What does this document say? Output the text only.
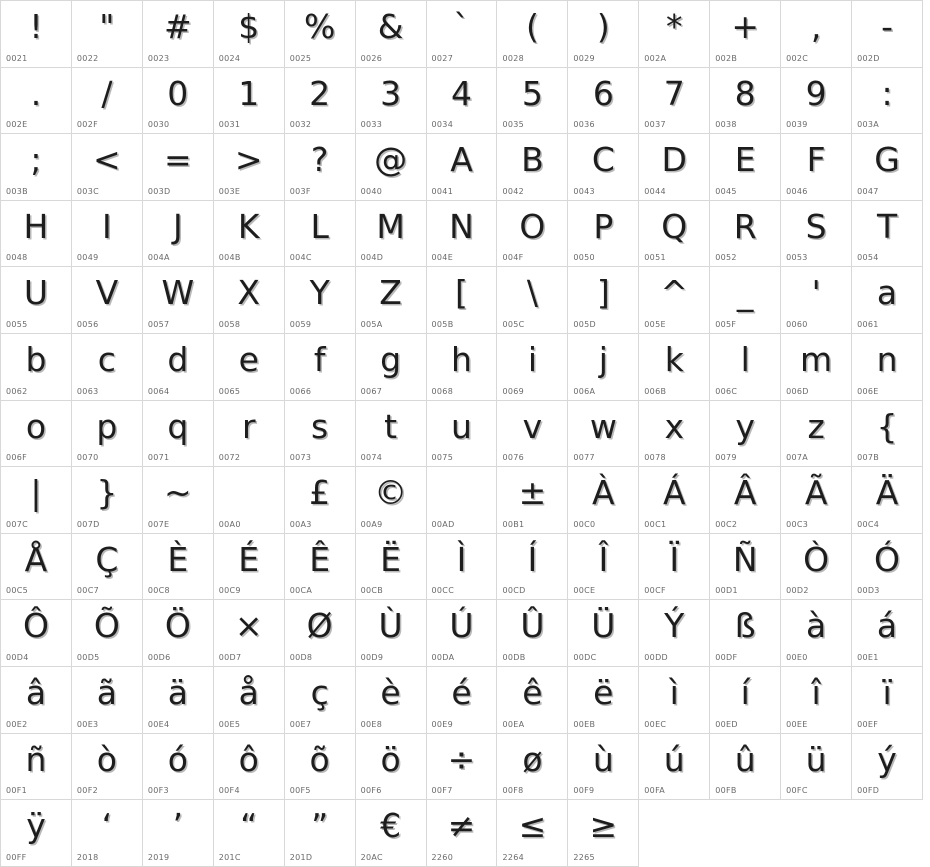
!
0021
"
0022
#
0023
$
0024
%
0025
&
0026
`
0027
(
0028
)
0029
*
002A
+
002B
,
002C
-
002D
.
002E
/
002F
0
0030
1
0031
2
0032
3
0033
4
0034
5
0035
6
0036
7
0037
8
0038
9
0039
:
003A
;
003B
<
003C
=
003D
>
003E
?
003F
@
0040
A
0041
B
0042
C
0043
D
0044
E
0045
F
0046
G
0047
H
0048
I
0049
J
004A
K
004B
L
004C
M
004D
N
004E
O
004F
P
0050
Q
0051
R
0052
S
0053
T
0054
U
0055
V
0056
W
0057
X
0058
Y
0059
Z
005A
[
005B
\
005C
]
005D
^
005E
_
005F
'
0060
a
0061
b
0062
c
0063
d
0064
e
0065
f
0066
g
0067
h
0068
i
0069
j
006A
k
006B
l
006C
m
006D
n
006E
o
006F
p
0070
q
0071
r
0072
s
0073
t
0074
u
0075
v
0076
w
0077
x
0078
y
0079
z
007A
{
007B
|
007C
}
007D
~
007E	00A0
£
00A3
©
00A9	00AD
±
00B1
À
00C0
Á
00C1
Â
00C2
Ã
00C3
Ä
00C4
Å
00C5
Ç
00C7
È
00C8
É
00C9
Ê
00CA
Ë
00CB
Ì
00CC
Í
00CD
Î
00CE
Ï
00CF
Ñ
00D1
Ò
00D2
Ó
00D3
Ô
00D4
Õ
00D5
Ö
00D6
×
00D7
Ø
00D8
Ù
00D9
Ú
00DA
Û
00DB
Ü
00DC
Ý
00DD
ß
00DF
à
00E0
á
00E1
â
00E2
ã
00E3
ä
00E4
å
00E5
ç
00E7
è
00E8
é
00E9
ê
00EA
ë
00EB
ì
00EC
í
00ED
î
00EE
ï
00EF
ñ
00F1
ò
00F2
ó
00F3
ô
00F4
õ
00F5
ö
00F6
÷
00F7
ø
00F8
ù
00F9
ú
00FA
û
00FB
ü
00FC
ý
00FD
ÿ
00FF
‘
2018
’
2019
“
201C
”
201D
€
20AC
≠
2260
≤
2264
≥
2265
